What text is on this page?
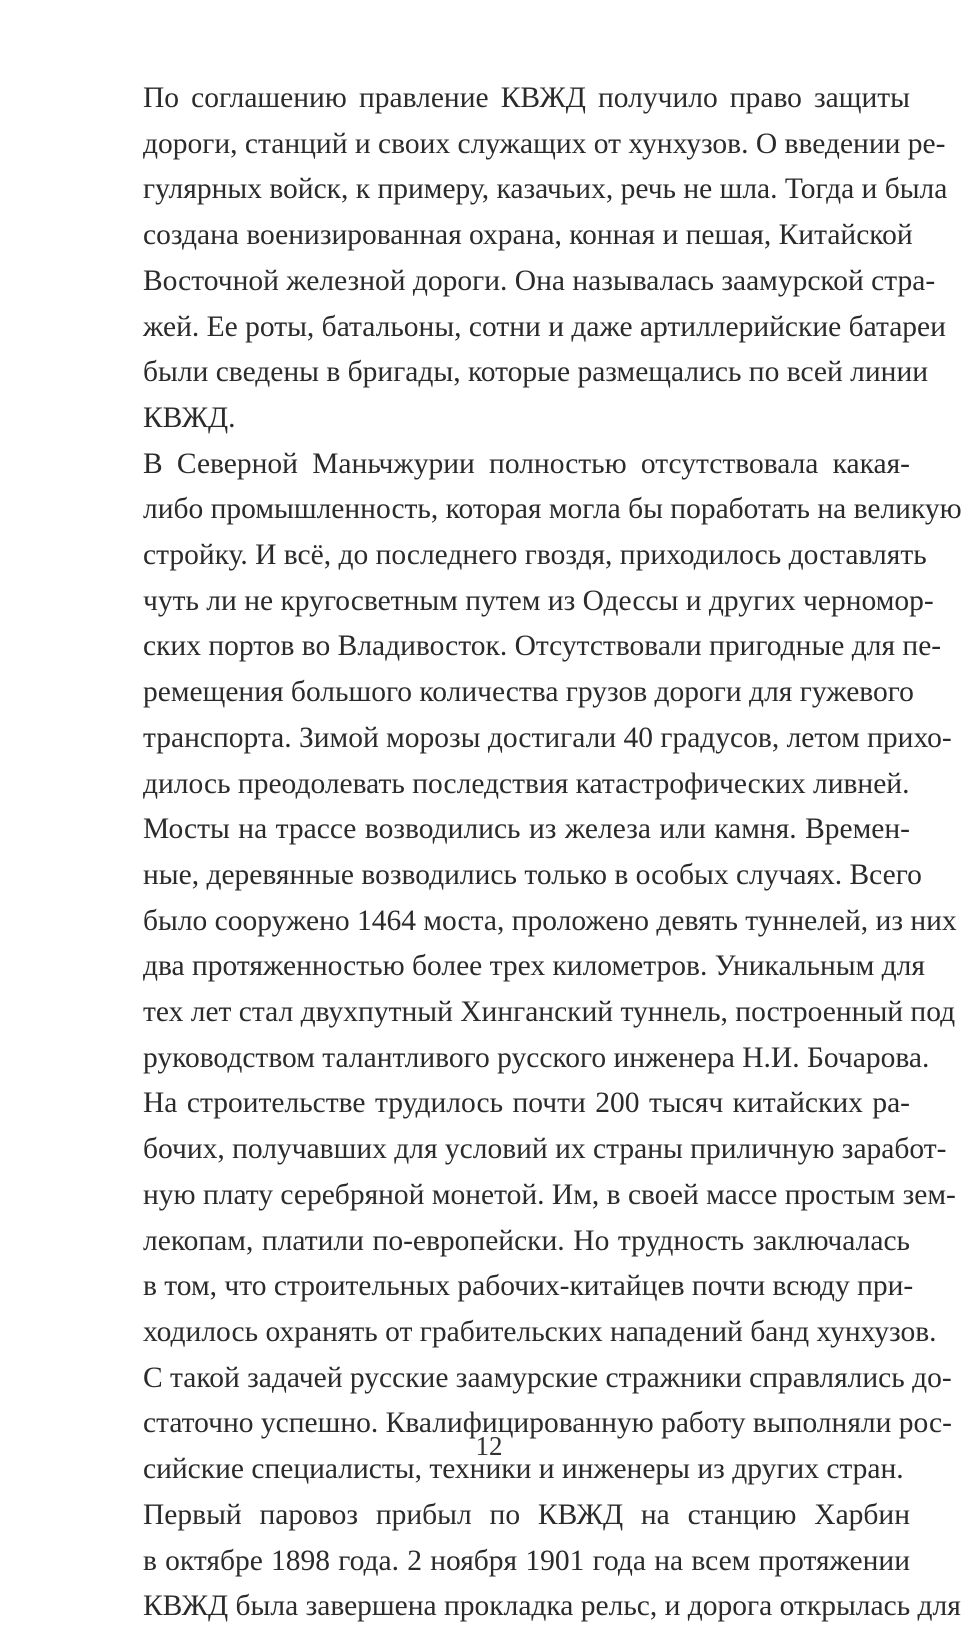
По соглашению правление КВЖД получило право защиты
дороги, станций и своих служащих от хунхузов. О введении ре-
гулярных войск, к примеру, казачьих, речь не шла. Тогда и была
создана военизированная охрана, конная и пешая, Китайской
Восточной железной дороги. Она называлась заамурской стра-
жей. Ее роты, батальоны, сотни и даже артиллерийские батареи
были сведены в бригады, которые размещались по всей линии
КВЖД.

В Северной Маньчжурии полностью отсутствовала какая-
либо промышленность, которая могла бы поработать на великую
стройку. И всё, до последнего гвоздя, приходилось доставлять
чуть ли не кругосветным путем из Одессы и других черномор-
ских портов во Владивосток. Отсутствовали пригодные для пе-
ремещения большого количества грузов дороги для гужевого
транспорта. Зимой морозы достигали 40 градусов, летом прихо-
дилось преодолевать последствия катастрофических ливней.

Мосты на трассе возводились из железа или камня. Времен-
ные, деревянные возводились только в особых случаях. Всего
было сооружено 1464 моста, проложено девять туннелей, из них
два протяженностью более трех километров. Уникальным для
тех лет стал двухпутный Хинганский туннель, построенный под
руководством талантливого русского инженера Н.И. Бочарова.

На строительстве трудилось почти 200 тысяч китайских ра-
бочих, получавших для условий их страны приличную заработ-
ную плату серебряной монетой. Им, в своей массе простым зем-
лекопам, платили по-европейски. Но трудность заключалась
в том, что строительных рабочих-китайцев почти всюду при-
ходилось охранять от грабительских нападений банд хунхузов.
С такой задачей русские заамурские стражники справлялись до-
статочно успешно. Квалифицированную работу выполняли рос-
сийские специалисты, техники и инженеры из других стран.

Первый паровоз прибыл по КВЖД на станцию Харбин
в октябре 1898 года. 2 ноября 1901 года на всем протяжении
КВЖД была завершена прокладка рельс, и дорога открылась для

12
